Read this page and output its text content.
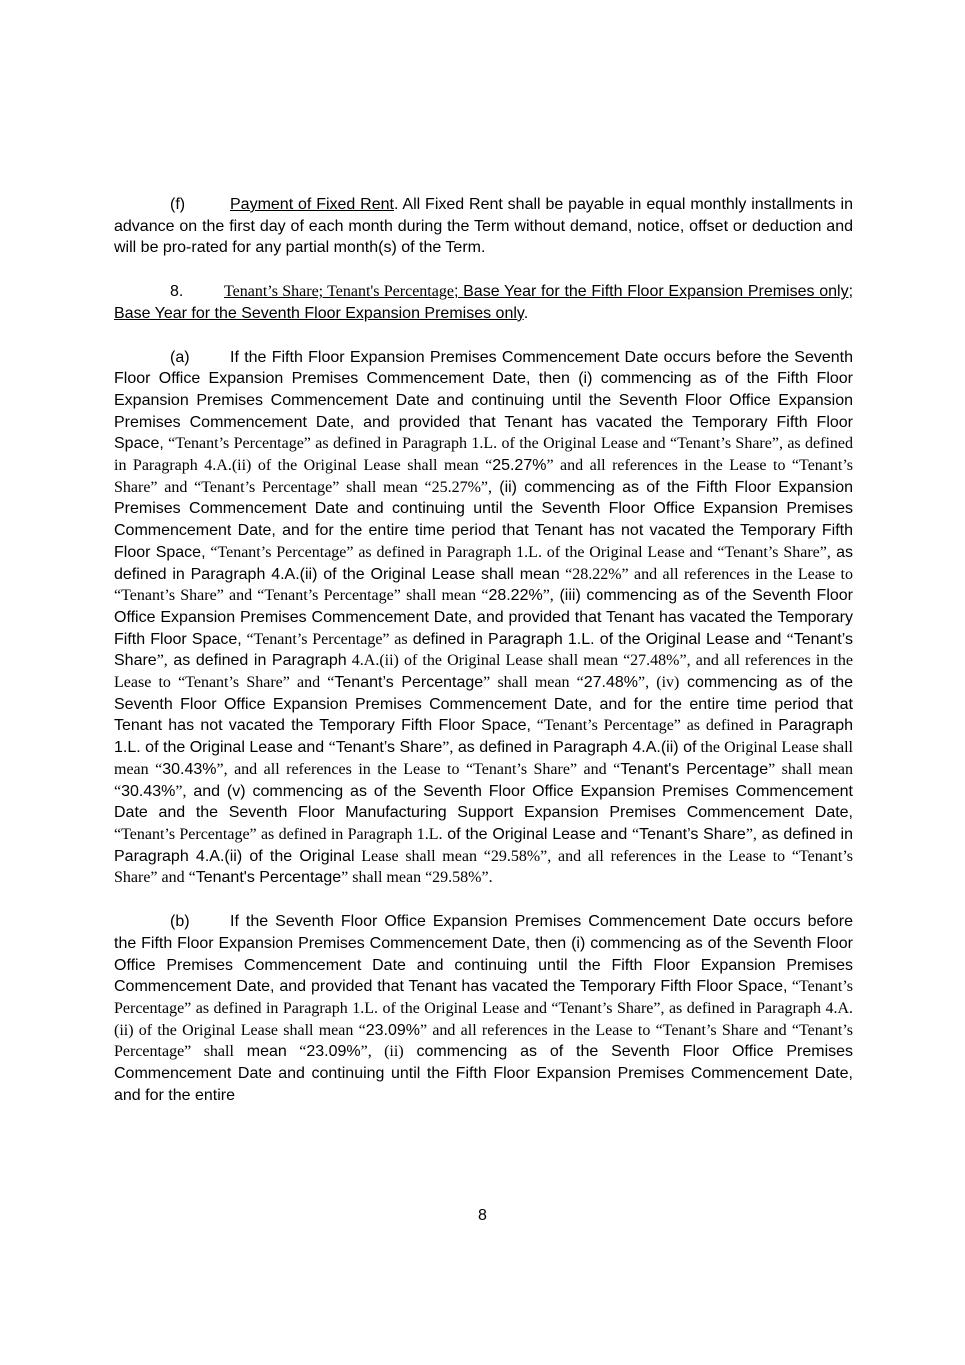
(f)	Payment of Fixed Rent. All Fixed Rent shall be payable in equal monthly installments in advance on the first day of each month during the Term without demand, notice, offset or deduction and will be pro-rated for any partial month(s) of the Term.

8.	Tenant’s Share; Tenant's Percentage; Base Year for the Fifth Floor Expansion Premises only; Base Year for the Seventh Floor Expansion Premises only.

(a)	If the Fifth Floor Expansion Premises Commencement Date occurs before the Seventh Floor Office Expansion Premises Commencement Date, then (i) commencing as of the Fifth Floor Expansion Premises Commencement Date and continuing until the Seventh Floor Office Expansion Premises Commencement Date, and provided that Tenant has vacated the Temporary Fifth Floor Space, “Tenant’s Percentage” as defined in Paragraph 1.L. of the Original Lease and “Tenant’s Share”, as defined in Paragraph 4.A.(ii) of the Original Lease shall mean “25.27%” and all references in the Lease to “Tenant’s Share” and “Tenant’s Percentage” shall mean “25.27%”, (ii) commencing as of the Fifth Floor Expansion Premises Commencement Date and continuing until the Seventh Floor Office Expansion Premises Commencement Date, and for the entire time period that Tenant has not vacated the Temporary Fifth Floor Space, “Tenant’s Percentage” as defined in Paragraph 1.L. of the Original Lease and “Tenant’s Share”, as defined in Paragraph 4.A.(ii) of the Original Lease shall mean “28.22%” and all references in the Lease to “Tenant’s Share” and “Tenant’s Percentage” shall mean “28.22%”, (iii) commencing as of the Seventh Floor Office Expansion Premises Commencement Date, and provided that Tenant has vacated the Temporary Fifth Floor Space, “Tenant’s Percentage” as defined in Paragraph 1.L. of the Original Lease and “Tenant’s Share”, as defined in Paragraph 4.A.(ii) of the Original Lease shall mean “27.48%”, and all references in the Lease to “Tenant’s Share” and “Tenant’s Percentage” shall mean “27.48%”, (iv) commencing as of the Seventh Floor Office Expansion Premises Commencement Date, and for the entire time period that Tenant has not vacated the Temporary Fifth Floor Space, “Tenant’s Percentage” as defined in Paragraph 1.L. of the Original Lease and “Tenant’s Share”, as defined in Paragraph 4.A.(ii) of the Original Lease shall mean “30.43%”, and all references in the Lease to “Tenant’s Share” and “Tenant's Percentage” shall mean “30.43%”, and (v) commencing as of the Seventh Floor Office Expansion Premises Commencement Date and the Seventh Floor Manufacturing Support Expansion Premises Commencement Date, “Tenant’s Percentage” as defined in Paragraph 1.L. of the Original Lease and “Tenant’s Share”, as defined in Paragraph 4.A.(ii) of the Original Lease shall mean “29.58%”, and all references in the Lease to “Tenant’s Share” and “Tenant's Percentage” shall mean “29.58%”.

(b)	If the Seventh Floor Office Expansion Premises Commencement Date occurs before the Fifth Floor Expansion Premises Commencement Date, then (i) commencing as of the Seventh Floor Office Premises Commencement Date and continuing until the Fifth Floor Expansion Premises Commencement Date, and provided that Tenant has vacated the Temporary Fifth Floor Space, “Tenant’s Percentage” as defined in Paragraph 1.L. of the Original Lease and “Tenant’s Share”, as defined in Paragraph 4.A.(ii) of the Original Lease shall mean “23.09%” and all references in the Lease to “Tenant’s Share and “Tenant’s Percentage” shall mean “23.09%”, (ii) commencing as of the Seventh Floor Office Premises Commencement Date and continuing until the Fifth Floor Expansion Premises Commencement Date, and for the entire

8
